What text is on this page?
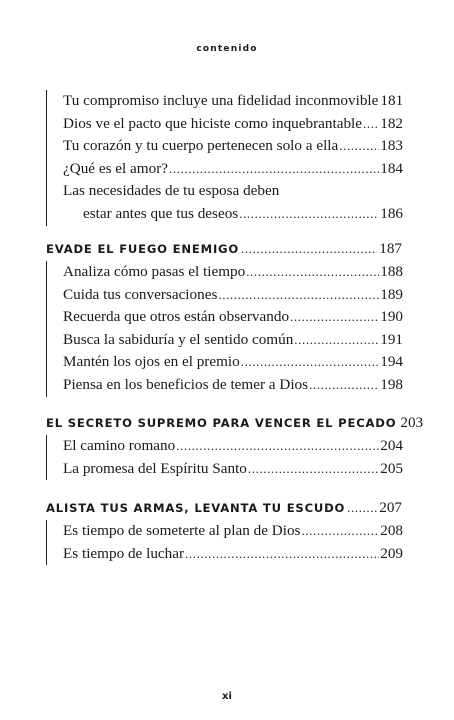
contenido
Tu compromiso incluye una fidelidad inconmovible 181
Dios ve el pacto que hiciste como inquebrantable ..... 182
Tu corazón y tu cuerpo pertenecen solo a ella .....	183
¿Qué es el amor? .....	184
Las necesidades de tu esposa deben
estar antes que tus deseos .....	186
EVADE EL FUEGO ENEMIGO .....	187
Analiza cómo pasas el tiempo .....	188
Cuida tus conversaciones .....	189
Recuerda que otros están observando .....	190
Busca la sabiduría y el sentido común .....	191
Mantén los ojos en el premio .....	194
Piensa en los beneficios de temer a Dios .....	198
EL SECRETO SUPREMO PARA VENCER EL PECADO 203
El camino romano .....	204
La promesa del Espíritu Santo .....	205
ALISTA TUS ARMAS, LEVANTA TU ESCUDO ..... 207
Es tiempo de someterte al plan de Dios .....	208
Es tiempo de luchar .....	209
xi
